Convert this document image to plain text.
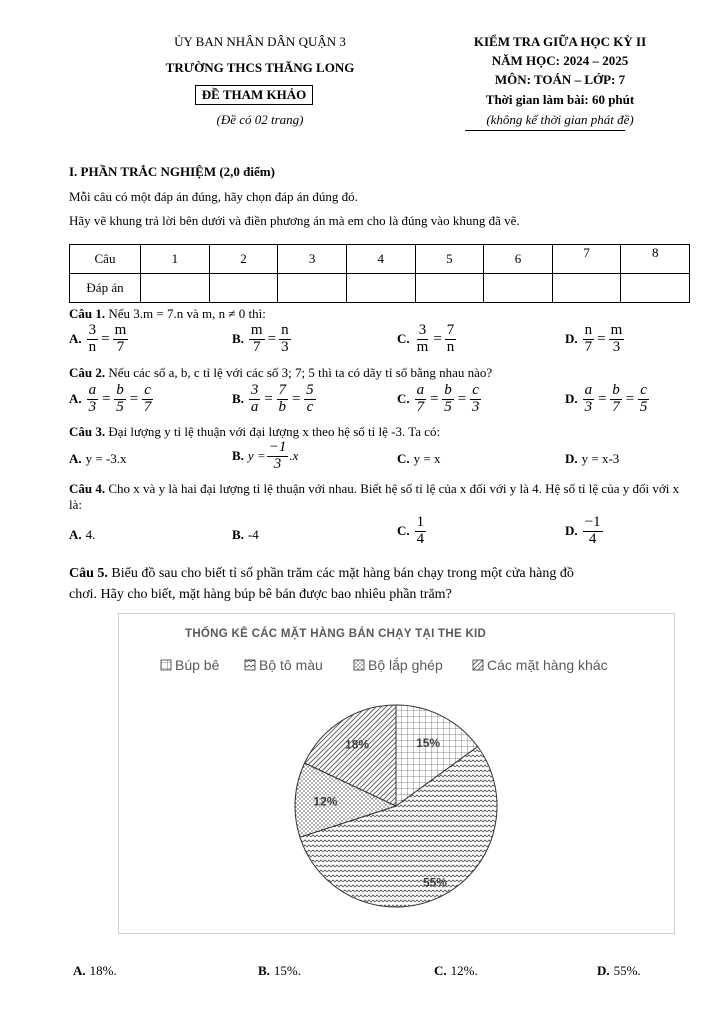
ỦY BAN NHÂN DÂN QUẬN 3
TRƯỜNG THCS THĂNG LONG
ĐỀ THAM KHẢO
(Đề có 02 trang)
KIỂM TRA GIỮA HỌC KỲ II
NĂM HỌC: 2024 – 2025
MÔN: TOÁN – LỚP: 7
Thời gian làm bài: 60 phút
(không kể thời gian phát đề)
I. PHẦN TRẮC NGHIỆM (2,0 điểm)
Mỗi câu có một đáp án đúng, hãy chọn đáp án đúng đó.
Hãy vẽ khung trả lời bên dưới và điền phương án mà em cho là đúng vào khung đã vẽ.
Câu	1	2	3	4	5	6	7	8
Đáp án								
Câu 1. Nếu 3.m = 7.n và m, n ≠ 0 thì:
A. $\frac{3}{n} = \frac{m}{7}$	B. $\frac{m}{7} = \frac{n}{3}$	C. $\frac{3}{m} = \frac{7}{n}$	D. $\frac{n}{7} = \frac{m}{3}$
Câu 2. Nếu các số a, b, c tỉ lệ với các số 3; 7; 5 thì ta có dãy tỉ số bằng nhau nào?
A. $\frac{a}{3} = \frac{b}{5} = \frac{c}{7}$	B. $\frac{3}{a} = \frac{7}{b} = \frac{5}{c}$	C. $\frac{a}{7} = \frac{b}{5} = \frac{c}{3}$	D. $\frac{a}{3} = \frac{b}{7} = \frac{c}{5}$
Câu 3. Đại lượng y tỉ lệ thuận với đại lượng x theo hệ số tỉ lệ -3. Ta có:
A. y = -3.x	B. $y = \frac{-1}{3} .x$	C. y = x	D. y = x-3
Câu 4. Cho x và y là hai đại lượng tỉ lệ thuận với nhau. Biết hệ số tỉ lệ của x đối với y là 4. Hệ số tỉ lệ của y đối với x là:
A. 4.	B. -4	C. $\frac{1}{4}$	D. $\frac{-1}{4}$
Câu 5. Biểu đồ sau cho biết tỉ số phần trăm các mặt hàng bán chạy trong một cửa hàng đồ
chơi. Hãy cho biết, mặt hàng búp bê bán được bao nhiêu phần trăm?
THỐNG KÊ CÁC MẶT HÀNG BÁN CHẠY TẠI THE KID
Búp bê	Bộ tô màu	Bộ lắp ghép	Các mặt hàng khác
15%
55%
12%
18%
A. 18%.	B. 15%.	C. 12%.	D. 55%.
